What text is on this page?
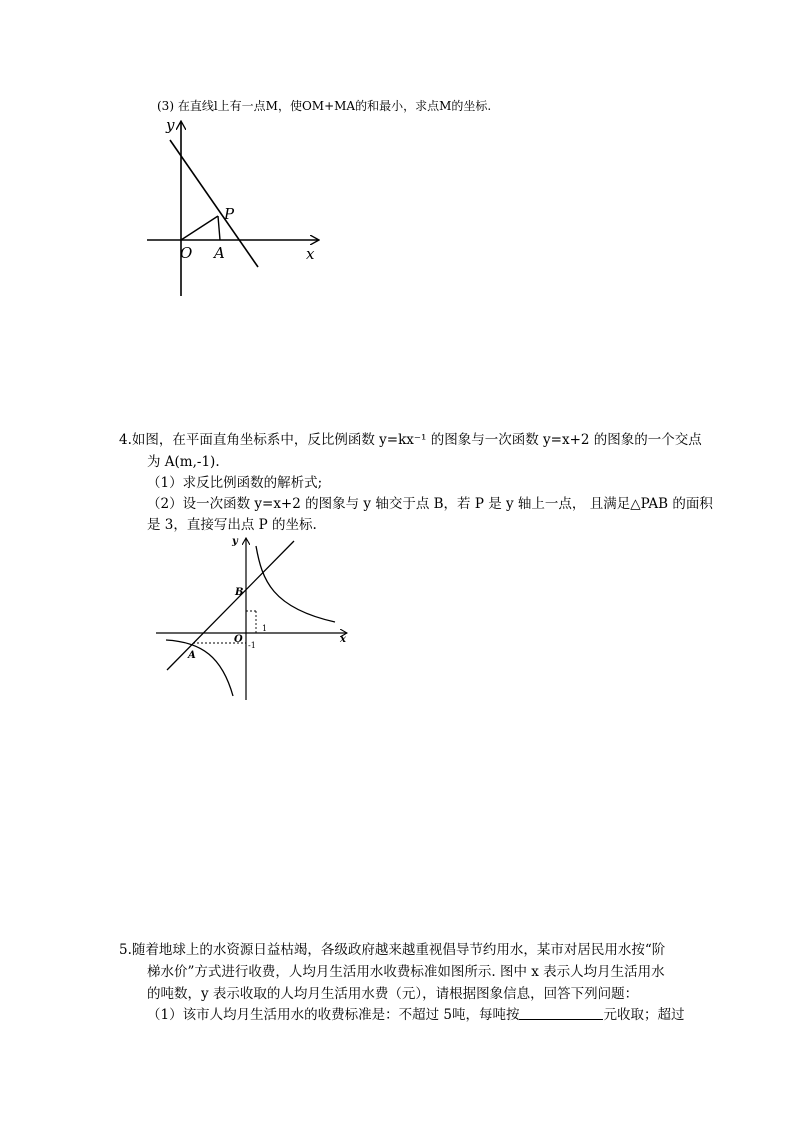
(3) 在直线l上有一点M，使OM+MA的和最小，求点M的坐标.
y
P
O A	x
4.如图，在平面直角坐标系中，反比例函数 y=kx⁻¹ 的图象与一次函数 y=x+2 的图象的一个交点
为 A(m,-1).
（1）求反比例函数的解析式;
（2）设一次函数 y=x+2 的图象与 y 轴交于点 B，若 P 是 y 轴上一点， 且满足△PAB 的面积
是 3，直接写出点 P 的坐标.
y
B
O
1
-1
A
x
5.随着地球上的水资源日益枯竭，各级政府越来越重视倡导节约用水，某市对居民用水按“阶
梯水价”方式进行收费，人均月生活用水收费标准如图所示. 图中 x 表示人均月生活用水
的吨数，y 表示收取的人均月生活用水费（元），请根据图象信息，回答下列问题：
（1）该市人均月生活用水的收费标准是：不超过 5吨，每吨按	元收取；超过
